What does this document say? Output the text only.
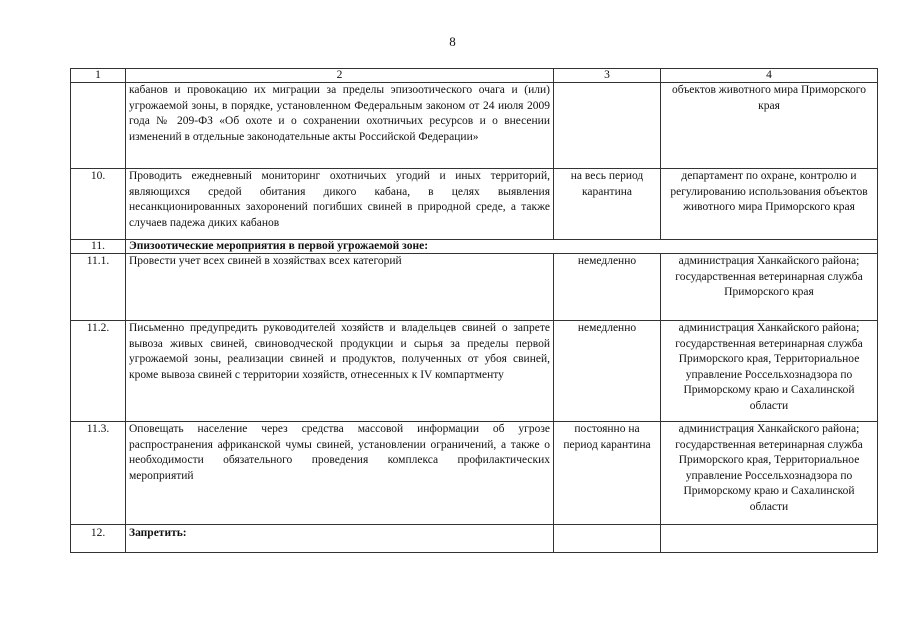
8
1	2	3	4
	кабанов и провокацию их миграции за пределы эпизоотического очага и (или) угрожаемой зоны, в порядке, установленном Федеральным законом от 24 июля 2009 года № 209-ФЗ «Об охоте и о сохранении охотничьих ресурсов и о внесении изменений в отдельные законодательные акты Российской Федерации»		объектов животного мира Приморского края
10.	Проводить ежедневный мониторинг охотничьих угодий и иных территорий, являющихся средой обитания дикого кабана, в целях выявления несанкционированных захоронений погибших свиней в природной среде, а также случаев падежа диких кабанов	на весь период карантина	департамент по охране, контролю и регулированию использования объектов животного мира Приморского края
11.	Эпизоотические мероприятия в первой угрожаемой зоне:		
11.1.	Провести учет всех свиней в хозяйствах всех категорий	немедленно	администрация Ханкайского района; государственная ветеринарная служба Приморского края
11.2.	Письменно предупредить руководителей хозяйств и владельцев свиней о запрете вывоза живых свиней, свиноводческой продукции и сырья за пределы первой угрожаемой зоны, реализации свиней и продуктов, полученных от убоя свиней, кроме вывоза свиней с территории хозяйств, отнесенных к IV компартменту	немедленно	администрация Ханкайского района; государственная ветеринарная служба Приморского края, Территориальное управление Россельхознадзора по Приморскому краю и Сахалинской области
11.3.	Оповещать население через средства массовой информации об угрозе распространения африканской чумы свиней, установлении ограничений, а также о необходимости обязательного проведения комплекса профилактических мероприятий	постоянно на период карантина	администрация Ханкайского района; государственная ветеринарная служба Приморского края, Территориальное управление Россельхознадзора по Приморскому краю и Сахалинской области
12.	Запретить:		
